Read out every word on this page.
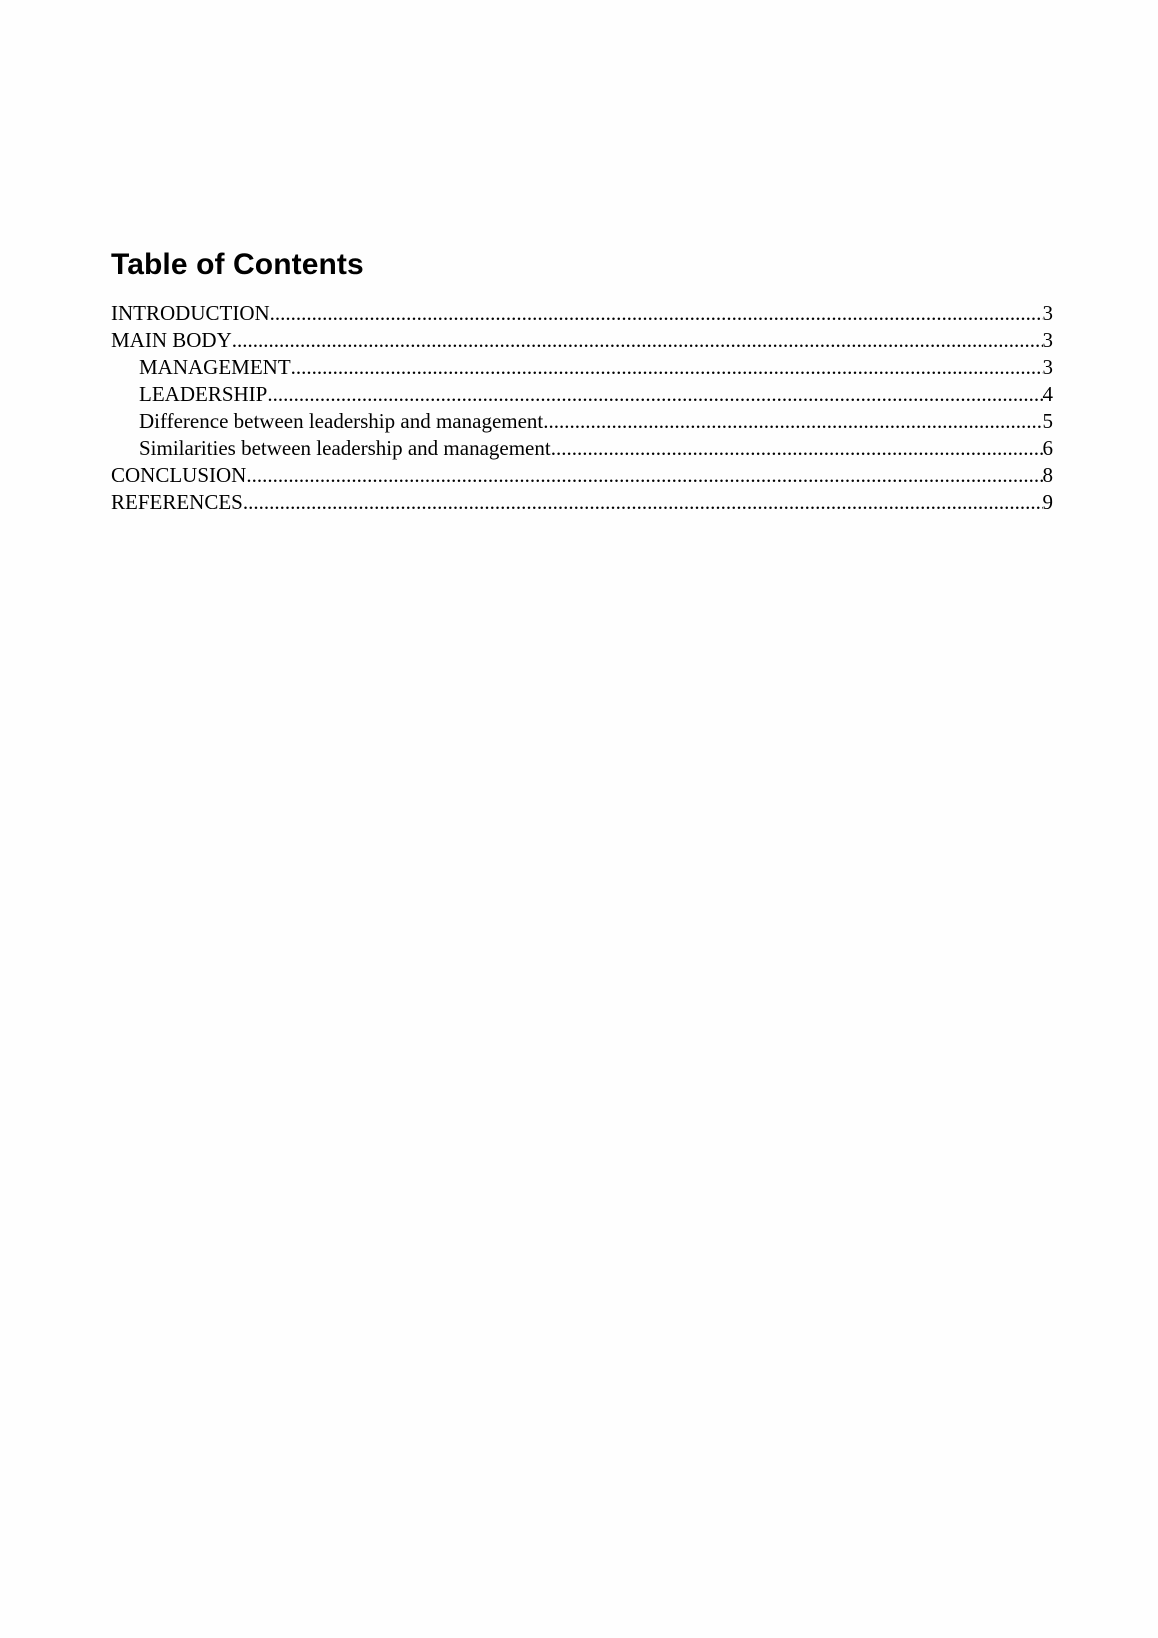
Table of Contents
INTRODUCTION .....	3
MAIN BODY .....	3
MANAGEMENT .....	3
LEADERSHIP .....	4
Difference between leadership and management .....	5
Similarities between leadership and management .....	6
CONCLUSION .....	8
REFERENCES .....	9
